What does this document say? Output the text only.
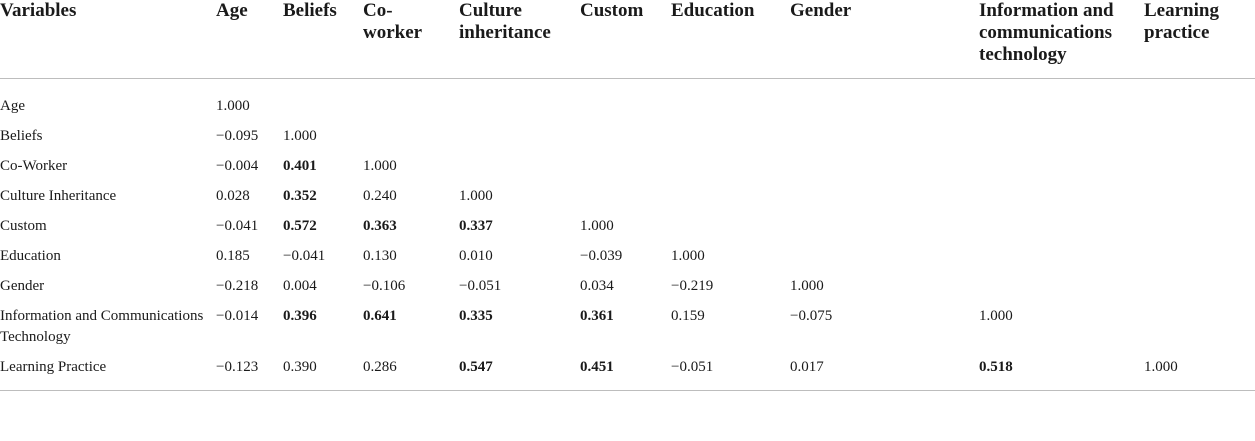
Variables	Age	Beliefs	Co-worker	Culture inheritance	Custom	Education	Gender	Information and communications technology	Learning practice
Age	1.000								
Beliefs	−0.095	1.000							
Co-Worker	−0.004	0.401	1.000						
Culture Inheritance	0.028	0.352	0.240	1.000					
Custom	−0.041	0.572	0.363	0.337	1.000				
Education	0.185	−0.041	0.130	0.010	−0.039	1.000			
Gender	−0.218	0.004	−0.106	−0.051	0.034	−0.219	1.000		
Information and Communications Technology	−0.014	0.396	0.641	0.335	0.361	0.159	−0.075	1.000	
Learning Practice	−0.123	0.390	0.286	0.547	0.451	−0.051	0.017	0.518	1.000
